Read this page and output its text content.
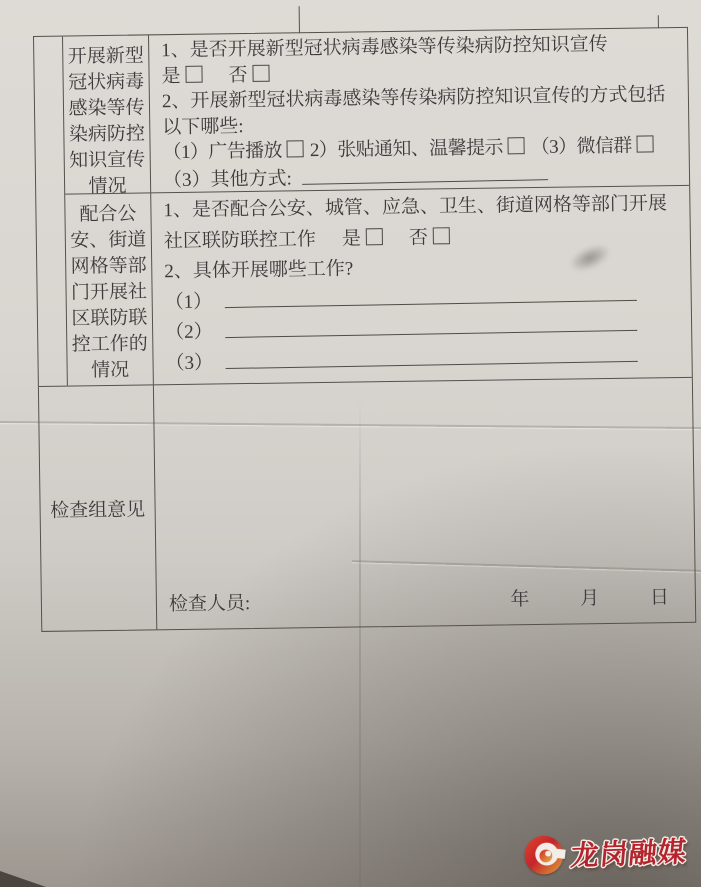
开展新型冠状病毒感染等传染病防控知识宣传情况
1、是否开展新型冠状病毒感染等传染病防控知识宣传
是	否
2、开展新型冠状病毒感染等传染病防控知识宣传的方式包括
以下哪些:
（1）广告播放 2）张贴通知、温馨提示 （3）微信群
（3）其他方式:
配合公安、街道网格等部门开展社区联防联控工作的情况
1、是否配合公安、城管、应急、卫生、街道网格等部门开展
社区联防联控工作 是	否
2、具体开展哪些工作?
（1）
（2）
（3）
检查组意见
检查人员:	年	月	日
龙岗融媒
